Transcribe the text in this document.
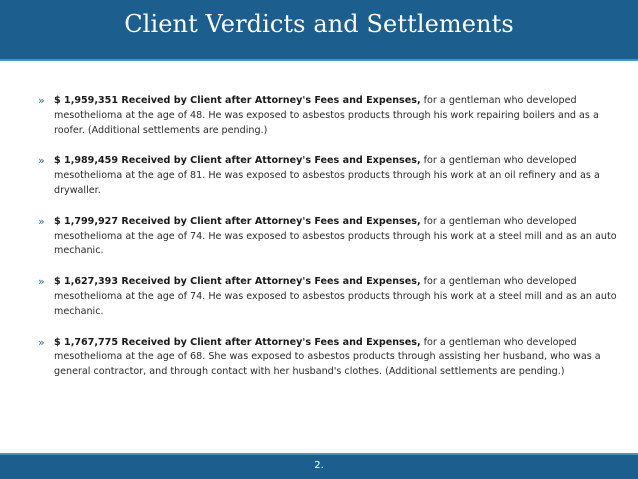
Client Verdicts and Settlements
» $ 1,959,351 Received by Client after Attorney's Fees and Expenses, for a gentleman who developed mesothelioma at the age of 48. He was exposed to asbestos products through his work repairing boilers and as a roofer. (Additional settlements are pending.)
» $ 1,989,459 Received by Client after Attorney's Fees and Expenses, for a gentleman who developed mesothelioma at the age of 81. He was exposed to asbestos products through his work at an oil refinery and as a drywaller.
» $ 1,799,927 Received by Client after Attorney's Fees and Expenses, for a gentleman who developed mesothelioma at the age of 74. He was exposed to asbestos products through his work at a steel mill and as an auto mechanic.
» $ 1,627,393 Received by Client after Attorney's Fees and Expenses, for a gentleman who developed mesothelioma at the age of 74. He was exposed to asbestos products through his work at a steel mill and as an auto mechanic.
» $ 1,767,775 Received by Client after Attorney's Fees and Expenses, for a gentleman who developed mesothelioma at the age of 68. She was exposed to asbestos products through assisting her husband, who was a general contractor, and through contact with her husband's clothes. (Additional settlements are pending.)
2.
